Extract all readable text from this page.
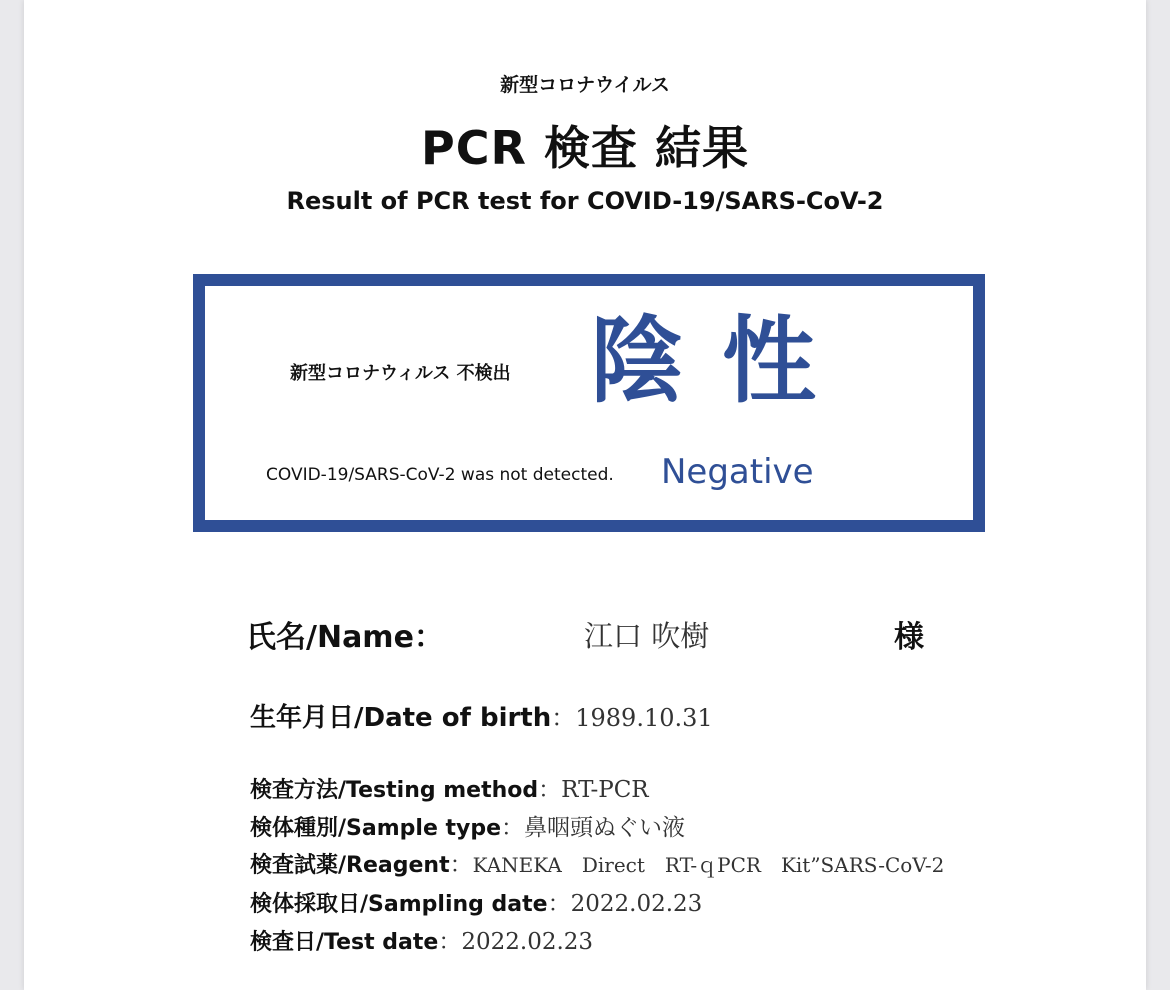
新型コロナウイルス
PCR 検査 結果
Result of PCR test for COVID-19/SARS-CoV-2
新型コロナウィルス 不検出 陰性
COVID-19/SARS-CoV-2 was not detected. Negative
氏名/Name：	江口 吹樹	様
生年月日/Date of birth：1989.10.31
検査方法/Testing method：RT-PCR
検体種別/Sample type：鼻咽頭ぬぐい液
検査試薬/Reagent：KANEKA　Direct　RT-ｑPCR　Kit”SARS-CoV-2
検体採取日/Sampling date：2022.02.23
検査日/Test date：2022.02.23
